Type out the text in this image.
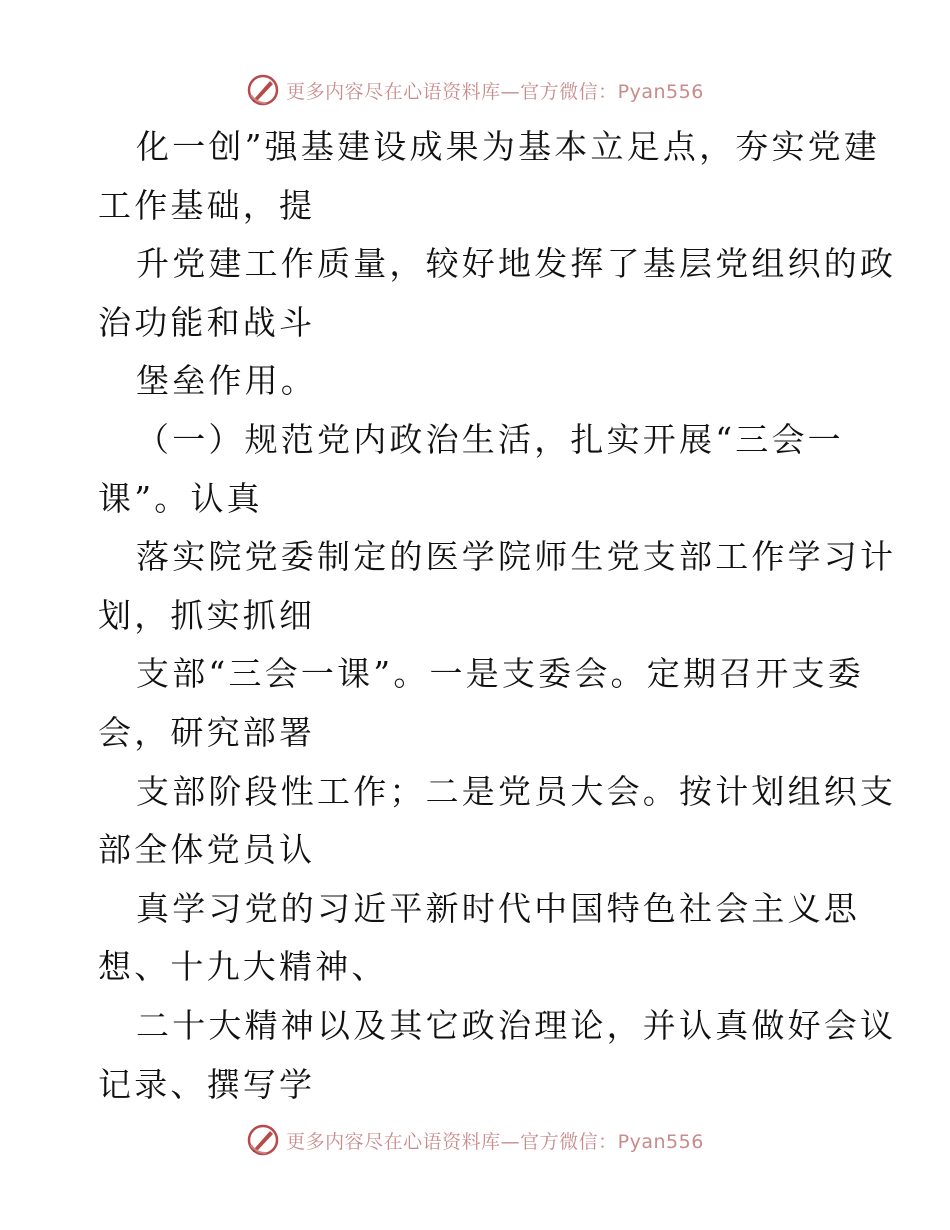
更多内容尽在心语资料库—官方微信：Pyan556
化一创”强基建设成果为基本立足点，夯实党建
工作基础，提
升党建工作质量，较好地发挥了基层党组织的政
治功能和战斗
堡垒作用。
（一）规范党内政治生活，扎实开展“三会一
课”。认真
落实院党委制定的医学院师生党支部工作学习计
划，抓实抓细
支部“三会一课”。一是支委会。定期召开支委
会，研究部署
支部阶段性工作；二是党员大会。按计划组织支
部全体党员认
真学习党的习近平新时代中国特色社会主义思
想、十九大精神、
二十大精神以及其它政治理论，并认真做好会议
记录、撰写学
更多内容尽在心语资料库—官方微信：Pyan556
